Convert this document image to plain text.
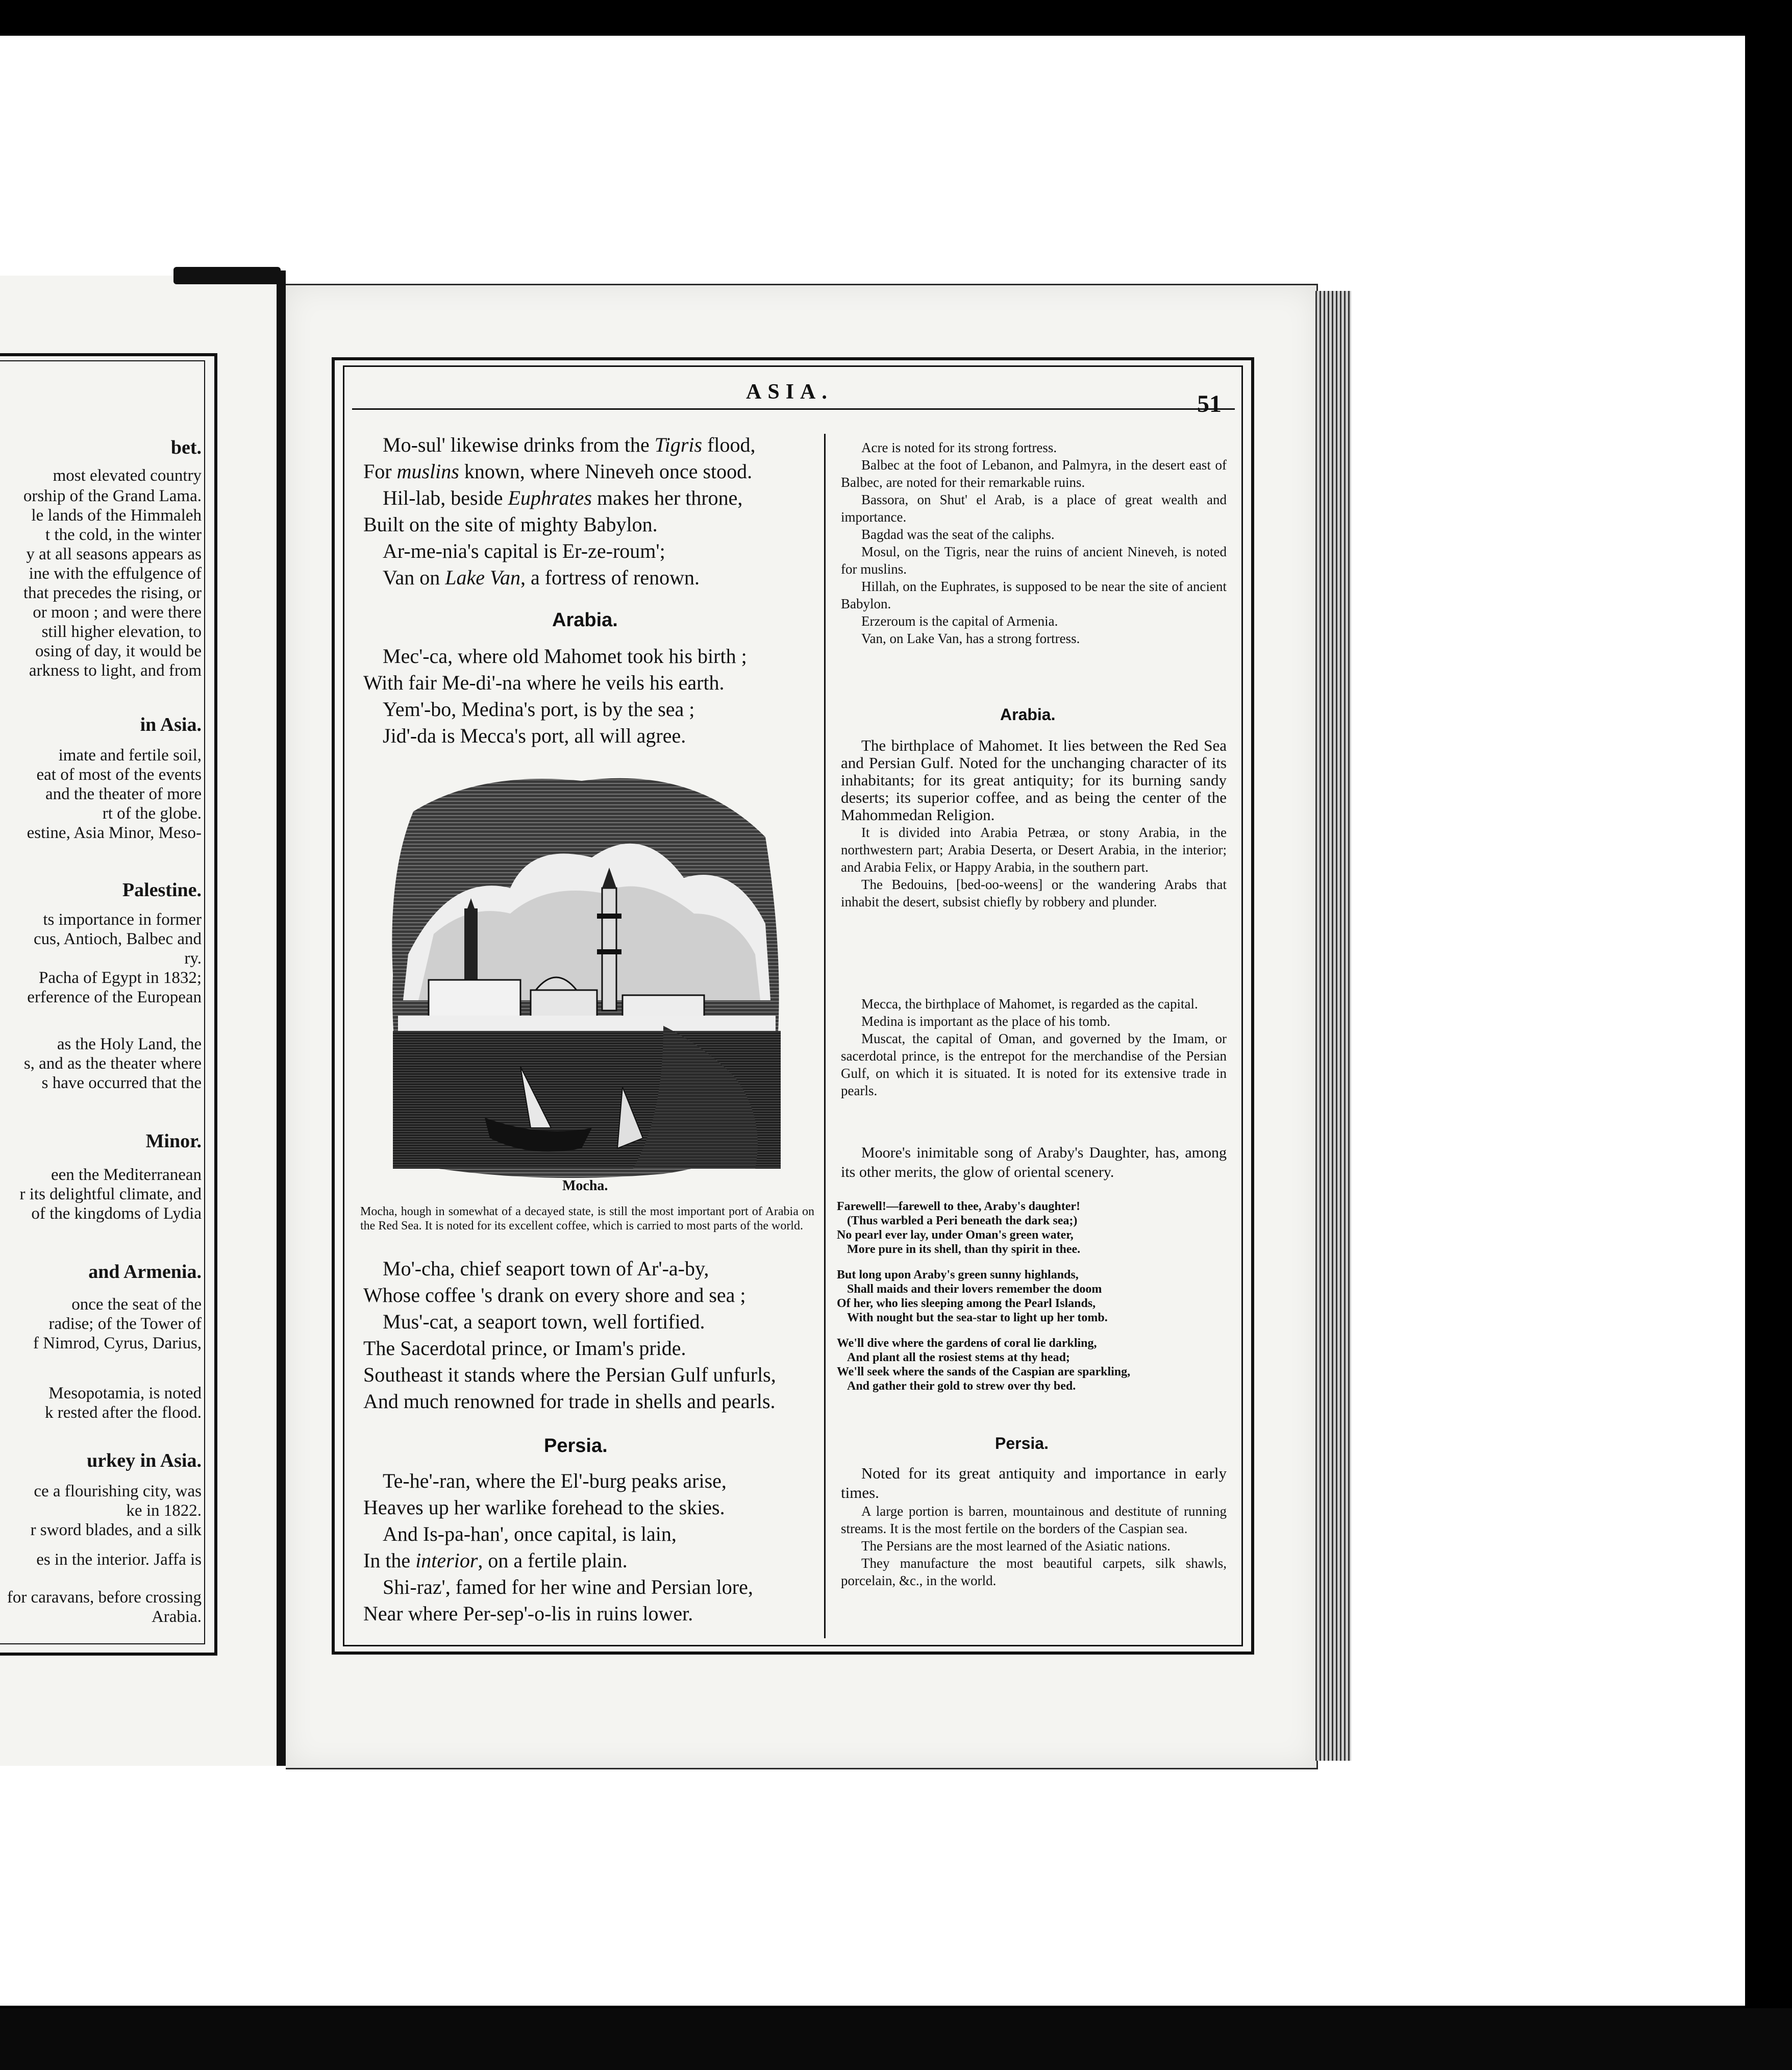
bet.
most elevated country
orship of the Grand Lama.
le lands of the Himmaleh
t the cold, in the winter
y at all seasons appears as
ine with the effulgence of
that precedes the rising, or
or moon ; and were there
still higher elevation, to
osing of day, it would be
arkness to light, and from
in Asia.
imate and fertile soil,
eat of most of the events
and the theater of more
rt of the globe.
estine, Asia Minor, Meso-
Palestine.
ts importance in former
cus, Antioch, Balbec and
ry.
Pacha of Egypt in 1832;
erference of the European
as the Holy Land, the
s, and as the theater where
s have occurred that the
Minor.
een the Mediterranean
r its delightful climate, and
of the kingdoms of Lydia
and Armenia.
once the seat of the
radise; of the Tower of
f Nimrod, Cyrus, Darius,
Mesopotamia, is noted
k rested after the flood.
urkey in Asia.
ce a flourishing city, was
ke in 1822.
r sword blades, and a silk
es in the interior. Jaffa is
for caravans, before crossing
Arabia.
ASIA.	51
Mo-sul' likewise drinks from the Tigris flood,
For muslins known, where Nineveh once stood.
Hil-lab, beside Euphrates makes her throne,
Built on the site of mighty Babylon.
Ar-me-nia's capital is Er-ze-roum';
Van on Lake Van, a fortress of renown.
Arabia.
Mec'-ca, where old Mahomet took his birth ;
With fair Me-di'-na where he veils his earth.
Yem'-bo, Medina's port, is by the sea ;
Jid'-da is Mecca's port, all will agree.
Mocha.
Mocha, hough in somewhat of a decayed state, is still the most important port of Arabia on the Red Sea. It is noted for its excellent coffee, which is carried to most parts of the world.
Mo'-cha, chief seaport town of Ar'-a-by,
Whose coffee 's drank on every shore and sea ;
Mus'-cat, a seaport town, well fortified.
The Sacerdotal prince, or Imam's pride.
Southeast it stands where the Persian Gulf unfurls,
And much renowned for trade in shells and pearls.
Persia.
Te-he'-ran, where the El'-burg peaks arise,
Heaves up her warlike forehead to the skies.
And Is-pa-han', once capital, is lain,
In the interior, on a fertile plain.
Shi-raz', famed for her wine and Persian lore,
Near where Per-sep'-o-lis in ruins lower.

Acre is noted for its strong fortress.

Balbec at the foot of Lebanon, and Palmyra, in the desert east of Balbec, are noted for their remarkable ruins.

Bassora, on Shut' el Arab, is a place of great wealth and importance.

Bagdad was the seat of the caliphs.

Mosul, on the Tigris, near the ruins of ancient Nineveh, is noted for muslins.

Hillah, on the Euphrates, is supposed to be near the site of ancient Babylon.

Erzeroum is the capital of Armenia.

Van, on Lake Van, has a strong fortress.

Arabia.

The birthplace of Mahomet. It lies between the Red Sea and Persian Gulf. Noted for the unchanging character of its inhabitants; for its great antiquity; for its burning sandy deserts; its superior coffee, and as being the center of the Mahommedan Religion.

It is divided into Arabia Petræa, or stony Arabia, in the northwestern part; Arabia Deserta, or Desert Arabia, in the interior; and Arabia Felix, or Happy Arabia, in the southern part.

The Bedouins, [bed-oo-weens] or the wandering Arabs that inhabit the desert, subsist chiefly by robbery and plunder.

Mecca, the birthplace of Mahomet, is regarded as the capital.

Medina is important as the place of his tomb.

Muscat, the capital of Oman, and governed by the Imam, or sacerdotal prince, is the entrepot for the merchandise of the Persian Gulf, on which it is situated. It is noted for its extensive trade in pearls.

Moore's inimitable song of Araby's Daughter, has, among its other merits, the glow of oriental scenery.

Farewell!—farewell to thee, Araby's daughter!
(Thus warbled a Peri beneath the dark sea;)
No pearl ever lay, under Oman's green water,
More pure in its shell, than thy spirit in thee.
But long upon Araby's green sunny highlands,
Shall maids and their lovers remember the doom
Of her, who lies sleeping among the Pearl Islands,
With nought but the sea-star to light up her tomb.
We'll dive where the gardens of coral lie darkling,
And plant all the rosiest stems at thy head;
We'll seek where the sands of the Caspian are sparkling,
And gather their gold to strew over thy bed.
Persia.

Noted for its great antiquity and importance in early times.

A large portion is barren, mountainous and destitute of running streams. It is the most fertile on the borders of the Caspian sea.

The Persians are the most learned of the Asiatic nations.

They manufacture the most beautiful carpets, silk shawls, porcelain, &c., in the world.
